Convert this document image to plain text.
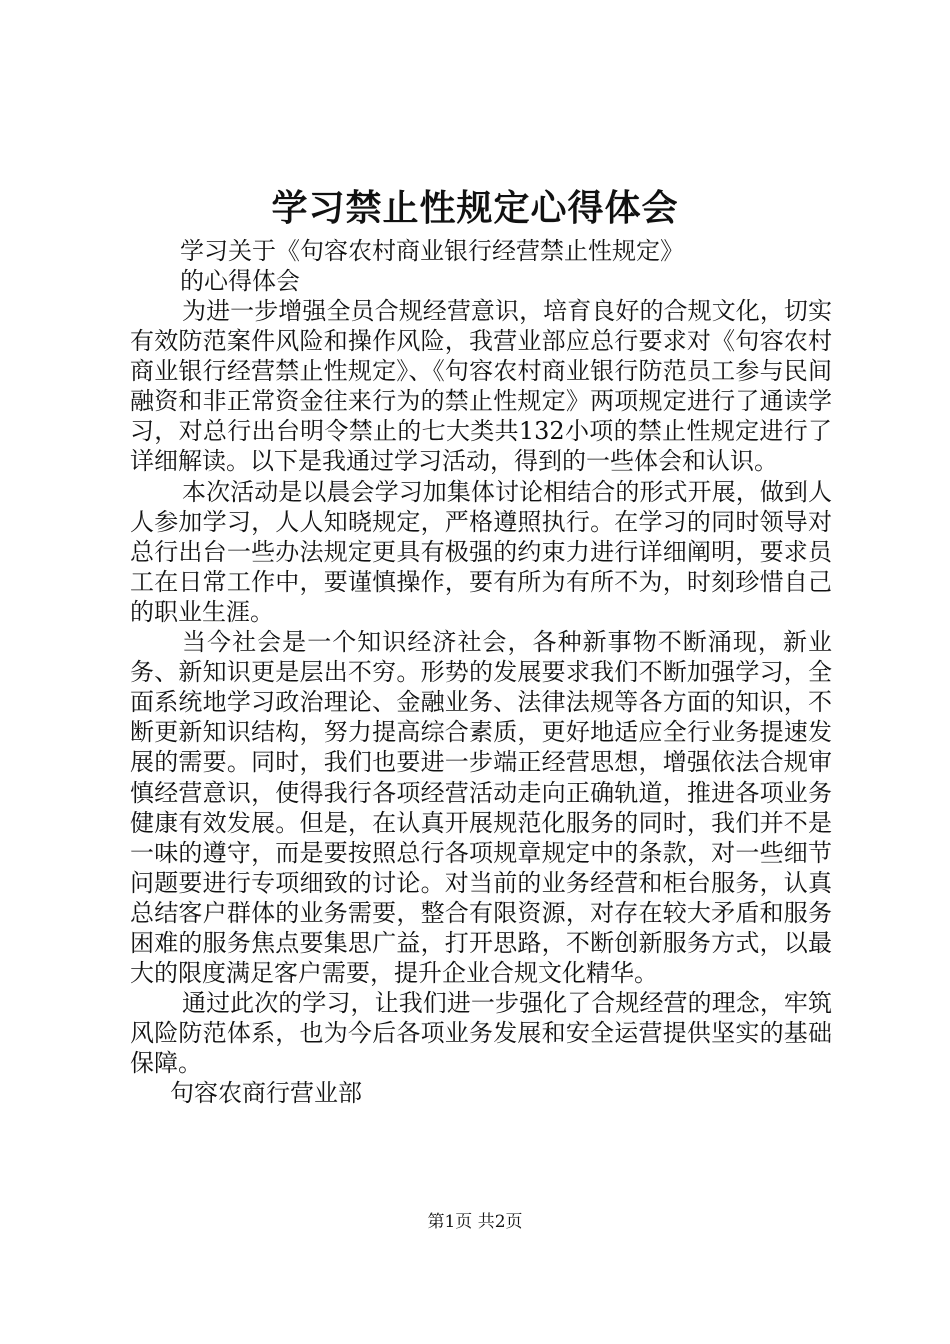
学习禁止性规定心得体会
学习关于《句容农村商业银行经营禁止性规定》
的心得体会

为进一步增强全员合规经营意识，培育良好的合规文化，切实有效防范案件风险和操作风险，我营业部应总行要求对《句容农村商业银行经营禁止性规定》、《句容农村商业银行防范员工参与民间融资和非正常资金往来行为的禁止性规定》两项规定进行了通读学习，对总行出台明令禁止的七大类共132小项的禁止性规定进行了详细解读。以下是我通过学习活动，得到的一些体会和认识。

本次活动是以晨会学习加集体讨论相结合的形式开展，做到人人参加学习，人人知晓规定，严格遵照执行。在学习的同时领导对总行出台一些办法规定更具有极强的约束力进行详细阐明，要求员工在日常工作中，要谨慎操作，要有所为有所不为，时刻珍惜自己的职业生涯。

当今社会是一个知识经济社会，各种新事物不断涌现，新业务、新知识更是层出不穷。形势的发展要求我们不断加强学习，全面系统地学习政治理论、金融业务、法律法规等各方面的知识，不断更新知识结构，努力提高综合素质，更好地适应全行业务提速发展的需要。同时，我们也要进一步端正经营思想，增强依法合规审慎经营意识，使得我行各项经营活动走向正确轨道，推进各项业务健康有效发展。但是，在认真开展规范化服务的同时，我们并不是一味的遵守，而是要按照总行各项规章规定中的条款，对一些细节问题要进行专项细致的讨论。对当前的业务经营和柜台服务，认真总结客户群体的业务需要，整合有限资源，对存在较大矛盾和服务困难的服务焦点要集思广益，打开思路，不断创新服务方式，以最大的限度满足客户需要，提升企业合规文化精华。

通过此次的学习，让我们进一步强化了合规经营的理念，牢筑风险防范体系，也为今后各项业务发展和安全运营提供坚实的基础保障。

句容农商行营业部

第1页 共2页
